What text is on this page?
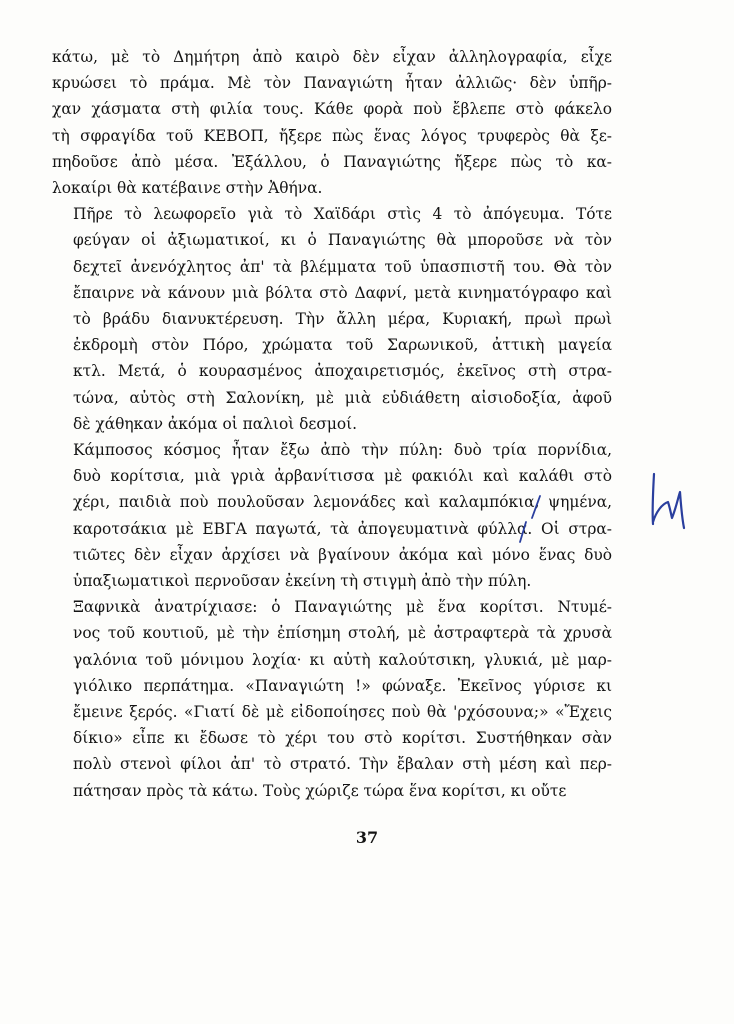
κάτω, μὲ τὸ Δημήτρη ἀπὸ καιρὸ δὲν εἶχαν ἀλληλογραφία, εἶχε
κρυώσει τὸ πράμα. Μὲ τὸν Παναγιώτη ἦταν ἀλλιῶς· δὲν ὑπῆρ-
χαν χάσματα στὴ φιλία τους. Κάθε φορὰ ποὺ ἔβλεπε στὸ φάκελο
τὴ σφραγίδα τοῦ ΚΕΒΟΠ, ἤξερε πὼς ἕνας λόγος τρυφερὸς θὰ ξε-
πηδοῦσε ἀπὸ μέσα. Ἐξάλλου, ὁ Παναγιώτης ἤξερε πὼς τὸ κα-
λοκαίρι θὰ κατέβαινε στὴν Ἀθήνα.

Πῆρε τὸ λεωφορεῖο γιὰ τὸ Χαϊδάρι στὶς 4 τὸ ἀπόγευμα. Τότε
φεύγαν οἱ ἀξιωματικοί, κι ὁ Παναγιώτης θὰ μποροῦσε νὰ τὸν
δεχτεῖ ἀνενόχλητος ἀπ' τὰ βλέμματα τοῦ ὑπασπιστῆ του. Θὰ τὸν
ἔπαιρνε νὰ κάνουν μιὰ βόλτα στὸ Δαφνί, μετὰ κινηματόγραφο καὶ
τὸ βράδυ διανυκτέρευση. Τὴν ἄλλη μέρα, Κυριακή, πρωὶ πρωὶ
ἐκδρομὴ στὸν Πόρο, χρώματα τοῦ Σαρωνικοῦ, ἀττικὴ μαγεία
κτλ. Μετά, ὁ κουρασμένος ἀποχαιρετισμός, ἐκεῖνος στὴ στρα-
τώνα, αὐτὸς στὴ Σαλονίκη, μὲ μιὰ εὐδιάθετη αἰσιοδοξία, ἀφοῦ
δὲ χάθηκαν ἀκόμα οἱ παλιοὶ δεσμοί.

Κάμποσος κόσμος ἦταν ἔξω ἀπὸ τὴν πύλη: δυὸ τρία πορνίδια,
δυὸ κορίτσια, μιὰ γριὰ ἀρβανίτισσα μὲ φακιόλι καὶ καλάθι στὸ
χέρι, παιδιὰ ποὺ πουλοῦσαν λεμονάδες καὶ καλαμπόκια, ψημένα,
καροτσάκια μὲ ΕΒΓΑ παγωτά, τὰ ἀπογευματινὰ φύλλα. Οἱ στρα-
τιῶτες δὲν εἶχαν ἀρχίσει νὰ βγαίνουν ἀκόμα καὶ μόνο ἕνας δυὸ
ὑπαξιωματικοὶ περνοῦσαν ἐκείνη τὴ στιγμὴ ἀπὸ τὴν πύλη.

Ξαφνικὰ ἀνατρίχιασε: ὁ Παναγιώτης μὲ ἕνα κορίτσι. Ντυμέ-
νος τοῦ κουτιοῦ, μὲ τὴν ἐπίσημη στολή, μὲ ἀστραφτερὰ τὰ χρυσὰ
γαλόνια τοῦ μόνιμου λοχία· κι αὐτὴ καλούτσικη, γλυκιά, μὲ μαρ-
γιόλικο περπάτημα. «Παναγιώτη !» φώναξε. Ἐκεῖνος γύρισε κι
ἔμεινε ξερός. «Γιατί δὲ μὲ εἰδοποίησες ποὺ θὰ 'ρχόσουνα;» «Ἔχεις
δίκιο» εἶπε κι ἔδωσε τὸ χέρι του στὸ κορίτσι. Συστήθηκαν σὰν
πολὺ στενοὶ φίλοι ἀπ' τὸ στρατό. Τὴν ἔβαλαν στὴ μέση καὶ περ-
πάτησαν πρὸς τὰ κάτω. Τοὺς χώριζε τώρα ἕνα κορίτσι, κι οὔτε

37
